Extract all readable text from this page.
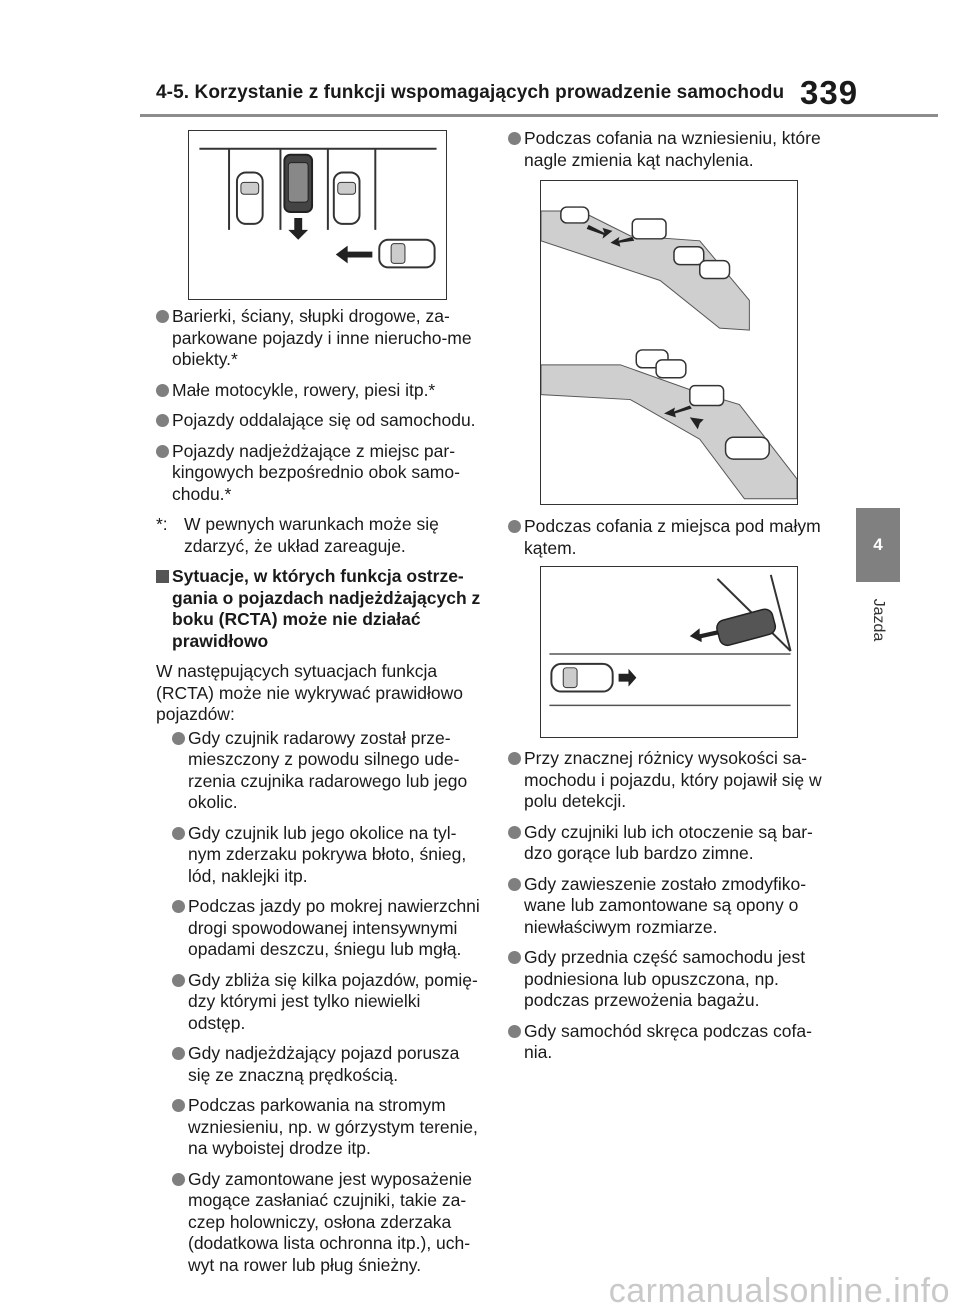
4-5. Korzystanie z funkcji wspomagających prowadzenie samochodu 339
4
Jazda
Barierki, ściany, słupki drogowe, za-parkowane pojazdy i inne nierucho-me obiekty.*
Małe motocykle, rowery, piesi itp.*
Pojazdy oddalające się od samochodu.
Pojazdy nadjeżdżające z miejsc par-kingowych bezpośrednio obok samo-chodu.*
*: W pewnych warunkach może się zdarzyć, że układ zareaguje.
Sytuacje, w których funkcja ostrze-gania o pojazdach nadjeżdżających z boku (RCTA) może nie działać prawidłowo
W następujących sytuacjach funkcja (RCTA) może nie wykrywać prawidłowo pojazdów:
Gdy czujnik radarowy został prze-mieszczony z powodu silnego ude-rzenia czujnika radarowego lub jego okolic.
Gdy czujnik lub jego okolice na tyl-nym zderzaku pokrywa błoto, śnieg, lód, naklejki itp.
Podczas jazdy po mokrej nawierzchni drogi spowodowanej intensywnymi opadami deszczu, śniegu lub mgłą.
Gdy zbliża się kilka pojazdów, pomię-dzy którymi jest tylko niewielki odstęp.
Gdy nadjeżdżający pojazd porusza się ze znaczną prędkością.
Podczas parkowania na stromym wzniesieniu, np. w górzystym terenie, na wyboistej drodze itp.
Gdy zamontowane jest wyposażenie mogące zasłaniać czujniki, takie za-czep holowniczy, osłona zderzaka (dodatkowa lista ochronna itp.), uch-wyt na rower lub pług śnieżny.
Podczas cofania na wzniesieniu, które nagle zmienia kąt nachylenia.
Podczas cofania z miejsca pod małym kątem.
Przy znacznej różnicy wysokości sa-mochodu i pojazdu, który pojawił się w polu detekcji.
Gdy czujniki lub ich otoczenie są bar-dzo gorące lub bardzo zimne.
Gdy zawieszenie zostało zmodyfiko-wane lub zamontowane są opony o niewłaściwym rozmiarze.
Gdy przednia część samochodu jest podniesiona lub opuszczona, np. podczas przewożenia bagażu.
Gdy samochód skręca podczas cofa-nia.
carmanualsonline.info
